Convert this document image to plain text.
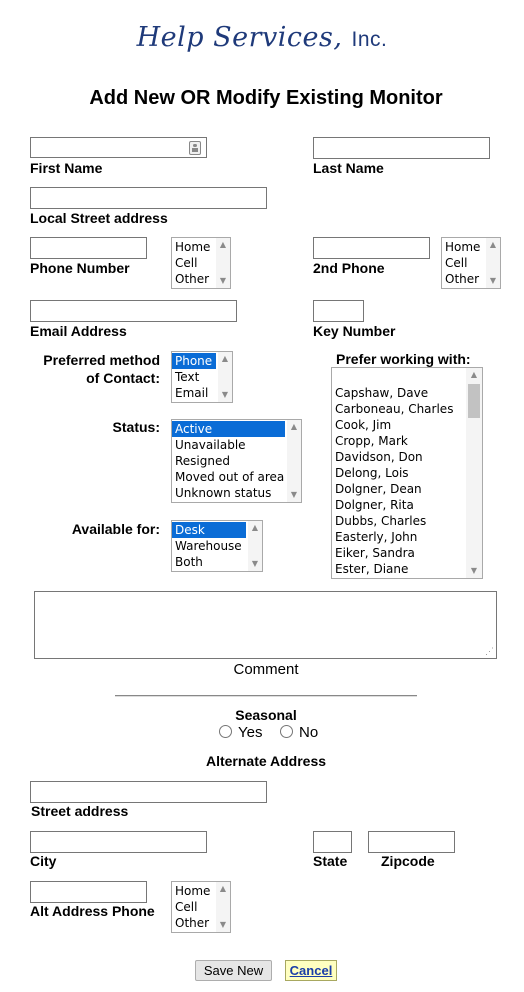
Help Services, Inc.
Add New OR Modify Existing Monitor
First Name	Last Name
Local Street address
Phone Number
Home
Cell
Other
▲
▼
2nd Phone
Home
Cell
Other
▲
▼
Email Address	Key Number
Preferred method
of Contact:
Phone
Text
Email
▲
▼
Prefer working with:
Capshaw, Dave
Carboneau, Charles
Cook, Jim
Cropp, Mark
Davidson, Don
Delong, Lois
Dolgner, Dean
Dolgner, Rita
Dubbs, Charles
Easterly, John
Eiker, Sandra
Ester, Diane
▲
▼
Status: Active
Unavailable
Resigned
Moved out of area
Unknown status
▲
▼
Available for: Desk
Warehouse
Both
▲
▼
⋰
Comment
Seasonal
Yes No
Alternate Address
Street address
City	State Zipcode
Alt Address Phone
Home
Cell
Other
▲
▼
Save New	Cancel
